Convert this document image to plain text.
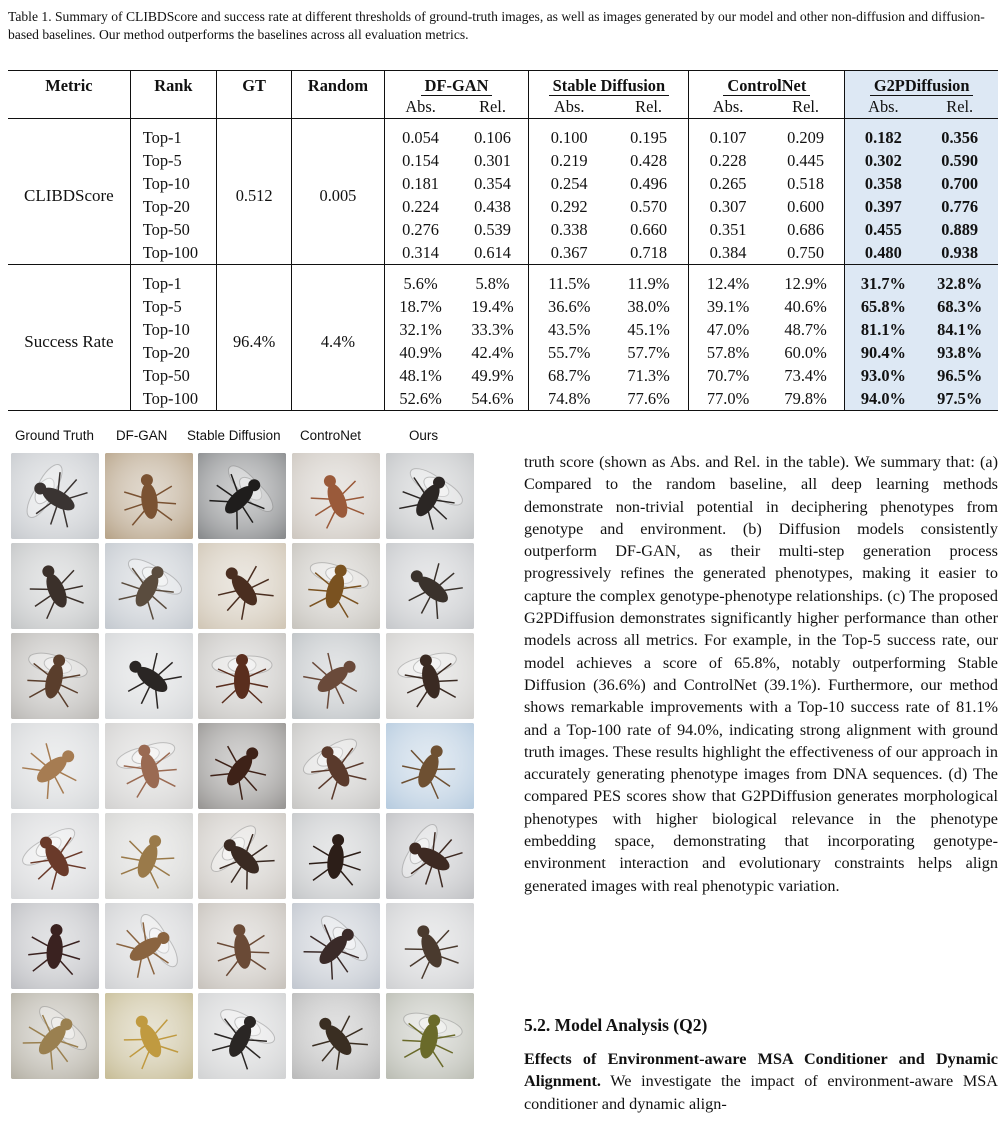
Table 1. Summary of CLIBDScore and success rate at different thresholds of ground-truth images, as well as images generated by our model and other non-diffusion and diffusion-based baselines. Our method outperforms the baselines across all evaluation metrics.
Metric	Rank	GT	Random	DF-GAN		Stable Diffusion		ControlNet		G2PDiffusion	
				Abs.	Rel.	Abs.	Rel.	Abs.	Rel.	Abs.	Rel.
CLIBDScore	Top-1	0.512	0.005	0.054	0.106	0.100	0.195	0.107	0.209	0.182	0.356
	Top-5			0.154	0.301	0.219	0.428	0.228	0.445	0.302	0.590
	Top-10			0.181	0.354	0.254	0.496	0.265	0.518	0.358	0.700
	Top-20			0.224	0.438	0.292	0.570	0.307	0.600	0.397	0.776
	Top-50			0.276	0.539	0.338	0.660	0.351	0.686	0.455	0.889
	Top-100			0.314	0.614	0.367	0.718	0.384	0.750	0.480	0.938
Success Rate	Top-1	96.4%	4.4%	5.6%	5.8%	11.5%	11.9%	12.4%	12.9%	31.7%	32.8%
	Top-5			18.7%	19.4%	36.6%	38.0%	39.1%	40.6%	65.8%	68.3%
	Top-10			32.1%	33.3%	43.5%	45.1%	47.0%	48.7%	81.1%	84.1%
	Top-20			40.9%	42.4%	55.7%	57.7%	57.8%	60.0%	90.4%	93.8%
	Top-50			48.1%	49.9%	68.7%	71.3%	70.7%	73.4%	93.0%	96.5%
	Top-100			52.6%	54.6%	74.8%	77.6%	77.0%	79.8%	94.0%	97.5%
Ground Truth DF-GAN Stable Diffusion ControNet	Ours
truth score (shown as Abs. and Rel. in the table). We summary that: (a) Compared to the random baseline, all deep learning methods demonstrate non-trivial potential in deciphering phenotypes from genotype and environment. (b) Diffusion models consistently outperform DF-GAN, as their multi-step generation process progressively refines the generated phenotypes, making it easier to capture the complex genotype-phenotype relationships. (c) The proposed G2PDiffusion demonstrates significantly higher performance than other models across all metrics. For example, in the Top-5 success rate, our model achieves a score of 65.8%, notably outperforming Stable Diffusion (36.6%) and ControlNet (39.1%). Furthermore, our method shows remarkable improvements with a Top-10 success rate of 81.1% and a Top-100 rate of 94.0%, indicating strong alignment with ground truth images. These results highlight the effectiveness of our approach in accurately generating phenotype images from DNA sequences. (d) The compared PES scores show that G2PDiffusion generates morphological phenotypes with higher biological relevance in the phenotype embedding space, demonstrating that incorporating genotype-environment interaction and evolutionary constraints helps align generated images with real phenotypic variation.
5.2. Model Analysis (Q2)
Effects of Environment-aware MSA Conditioner and Dynamic Alignment. We investigate the impact of environment-aware MSA conditioner and dynamic align-
